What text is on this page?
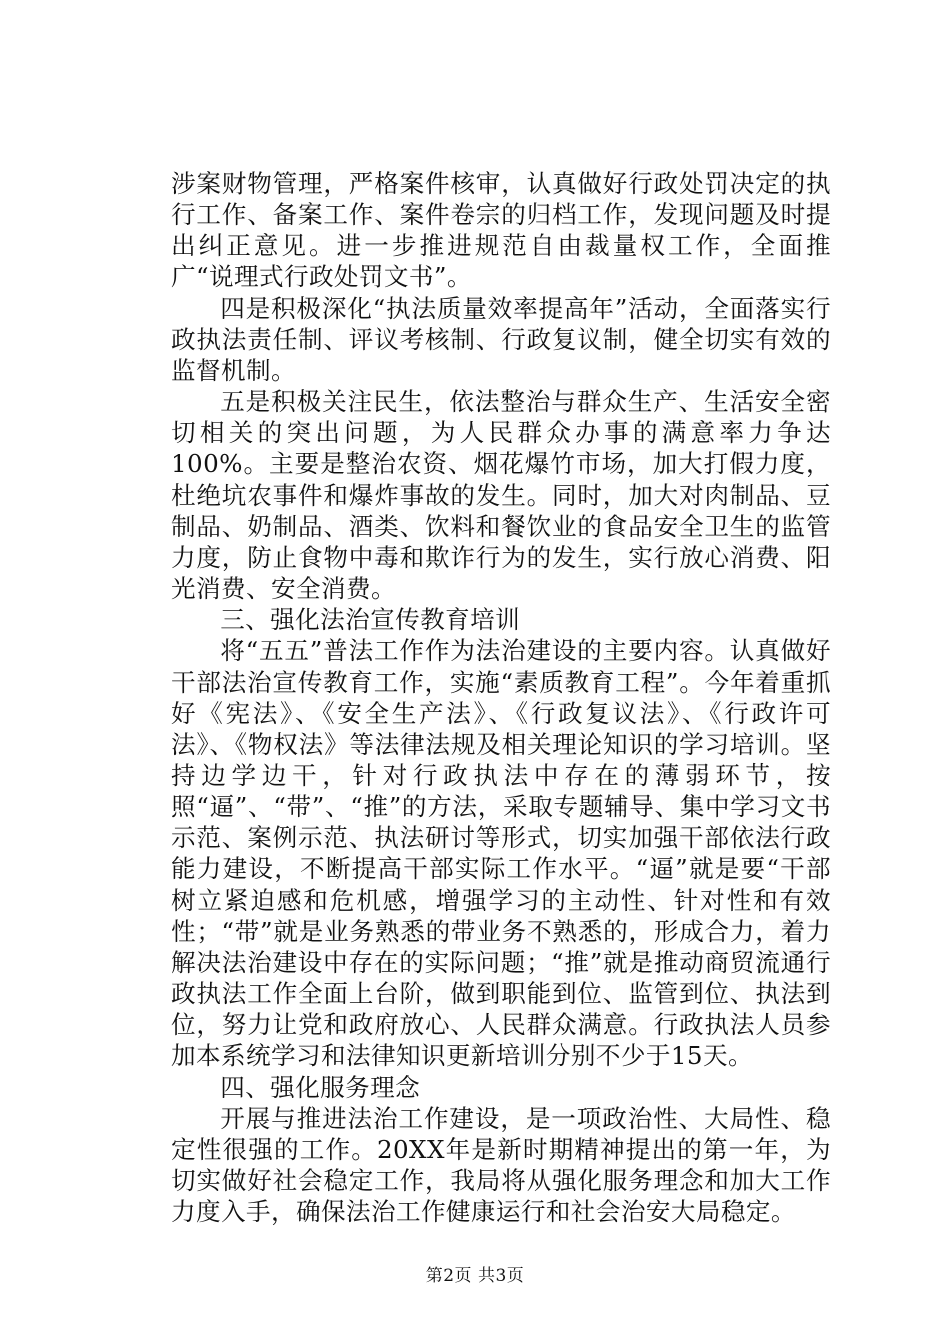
涉案财物管理，严格案件核审，认真做好行政处罚决定的执行工作、备案工作、案件卷宗的归档工作，发现问题及时提出纠正意见。进一步推进规范自由裁量权工作，全面推广“说理式行政处罚文书”。

四是积极深化“执法质量效率提高年”活动，全面落实行政执法责任制、评议考核制、行政复议制，健全切实有效的监督机制。

五是积极关注民生，依法整治与群众生产、生活安全密切相关的突出问题，为人民群众办事的满意率力争达100%。主要是整治农资、烟花爆竹市场，加大打假力度，杜绝坑农事件和爆炸事故的发生。同时，加大对肉制品、豆制品、奶制品、酒类、饮料和餐饮业的食品安全卫生的监管力度，防止食物中毒和欺诈行为的发生，实行放心消费、阳光消费、安全消费。

三、强化法治宣传教育培训

将“五五”普法工作作为法治建设的主要内容。认真做好干部法治宣传教育工作，实施“素质教育工程”。今年着重抓好《宪法》、《安全生产法》、《行政复议法》、《行政许可法》、《物权法》等法律法规及相关理论知识的学习培训。坚持边学边干，针对行政执法中存在的薄弱环节，按照“逼”、“带”、“推”的方法，采取专题辅导、集中学习文书示范、案例示范、执法研讨等形式，切实加强干部依法行政能力建设，不断提高干部实际工作水平。“逼”就是要“干部树立紧迫感和危机感，增强学习的主动性、针对性和有效性；“带”就是业务熟悉的带业务不熟悉的，形成合力，着力解决法治建设中存在的实际问题；“推”就是推动商贸流通行政执法工作全面上台阶，做到职能到位、监管到位、执法到位，努力让党和政府放心、人民群众满意。行政执法人员参加本系统学习和法律知识更新培训分别不少于15天。

四、强化服务理念

开展与推进法治工作建设，是一项政治性、大局性、稳定性很强的工作。20XX年是新时期精神提出的第一年，为切实做好社会稳定工作，我局将从强化服务理念和加大工作力度入手，确保法治工作健康运行和社会治安大局稳定。

第2页 共3页
